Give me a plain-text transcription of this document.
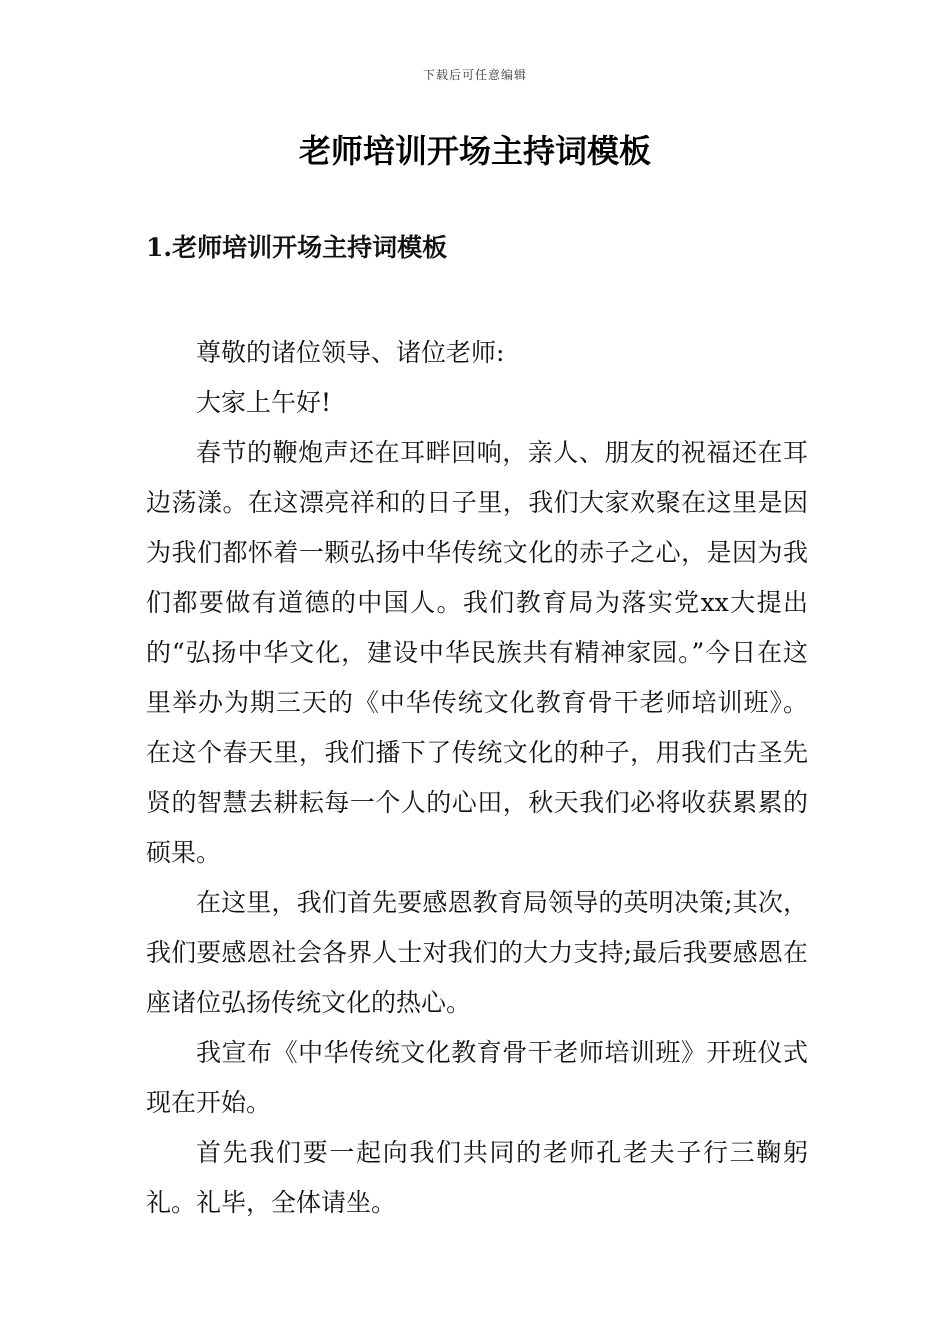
下载后可任意编辑
老师培训开场主持词模板
1.老师培训开场主持词模板

尊敬的诸位领导、诸位老师:

大家上午好!

春节的鞭炮声还在耳畔回响，亲人、朋友的祝福还在耳边荡漾。在这漂亮祥和的日子里，我们大家欢聚在这里是因为我们都怀着一颗弘扬中华传统文化的赤子之心，是因为我们都要做有道德的中国人。我们教育局为落实党xx大提出的“弘扬中华文化，建设中华民族共有精神家园。”今日在这里举办为期三天的《中华传统文化教育骨干老师培训班》。在这个春天里，我们播下了传统文化的种子，用我们古圣先贤的智慧去耕耘每一个人的心田，秋天我们必将收获累累的硕果。

在这里，我们首先要感恩教育局领导的英明决策;其次，我们要感恩社会各界人士对我们的大力支持;最后我要感恩在座诸位弘扬传统文化的热心。

我宣布《中华传统文化教育骨干老师培训班》开班仪式现在开始。

首先我们要一起向我们共同的老师孔老夫子行三鞠躬礼。礼毕，全体请坐。
